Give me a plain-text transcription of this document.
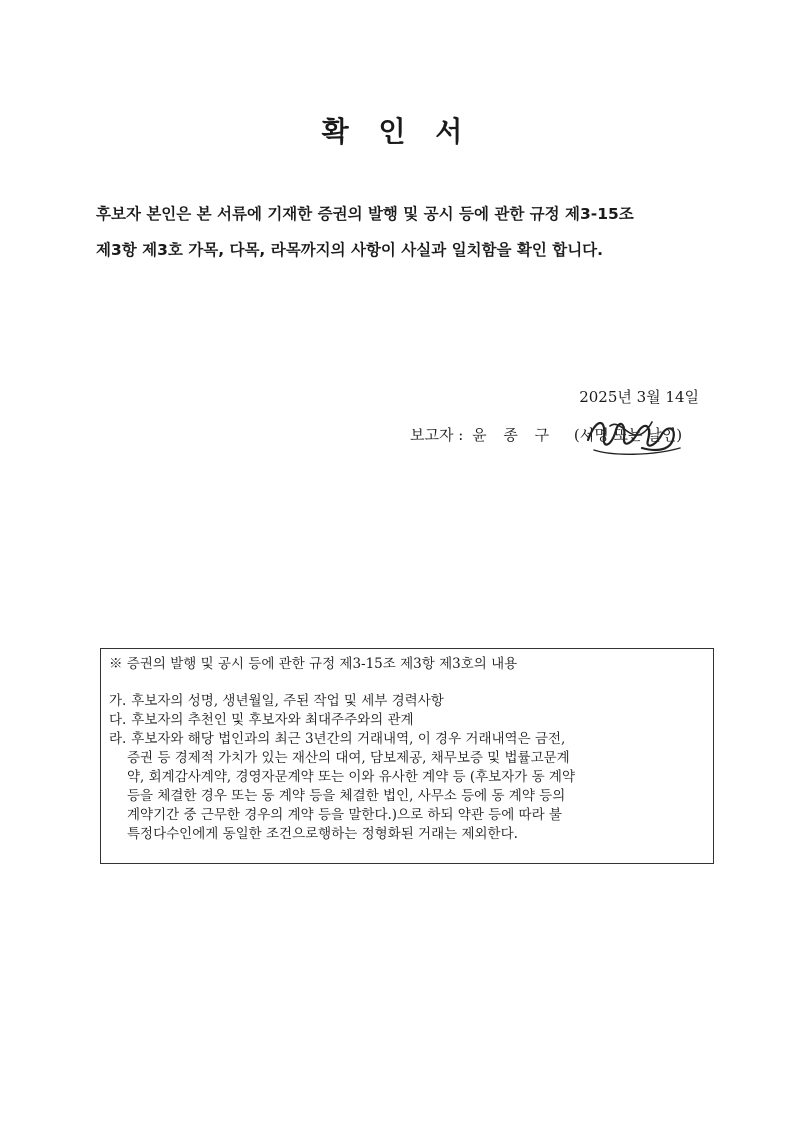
확 인 서
후보자 본인은 본 서류에 기재한 증권의 발행 및 공시 등에 관한 규정 제3-15조
제3항 제3호 가목, 다목, 라목까지의 사항이 사실과 일치함을 확인 합니다.
2025년 3월 14일
보고자 : 윤 종 구 (서명 또는 날인)
※ 증권의 발행 및 공시 등에 관한 규정 제3-15조 제3항 제3호의 내용
가. 후보자의 성명, 생년월일, 주된 작업 및 세부 경력사항
다. 후보자의 추천인 및 후보자와 최대주주와의 관계
라. 후보자와 해당 법인과의 최근 3년간의 거래내역, 이 경우 거래내역은 금전,
증권 등 경제적 가치가 있는 재산의 대여, 담보제공, 채무보증 및 법률고문계
약, 회계감사계약, 경영자문계약 또는 이와 유사한 계약 등 (후보자가 동 계약
등을 체결한 경우 또는 동 계약 등을 체결한 법인, 사무소 등에 동 계약 등의
계약기간 중 근무한 경우의 계약 등을 말한다.)으로 하되 약관 등에 따라 불
특정다수인에게 동일한 조건으로행하는 정형화된 거래는 제외한다.
